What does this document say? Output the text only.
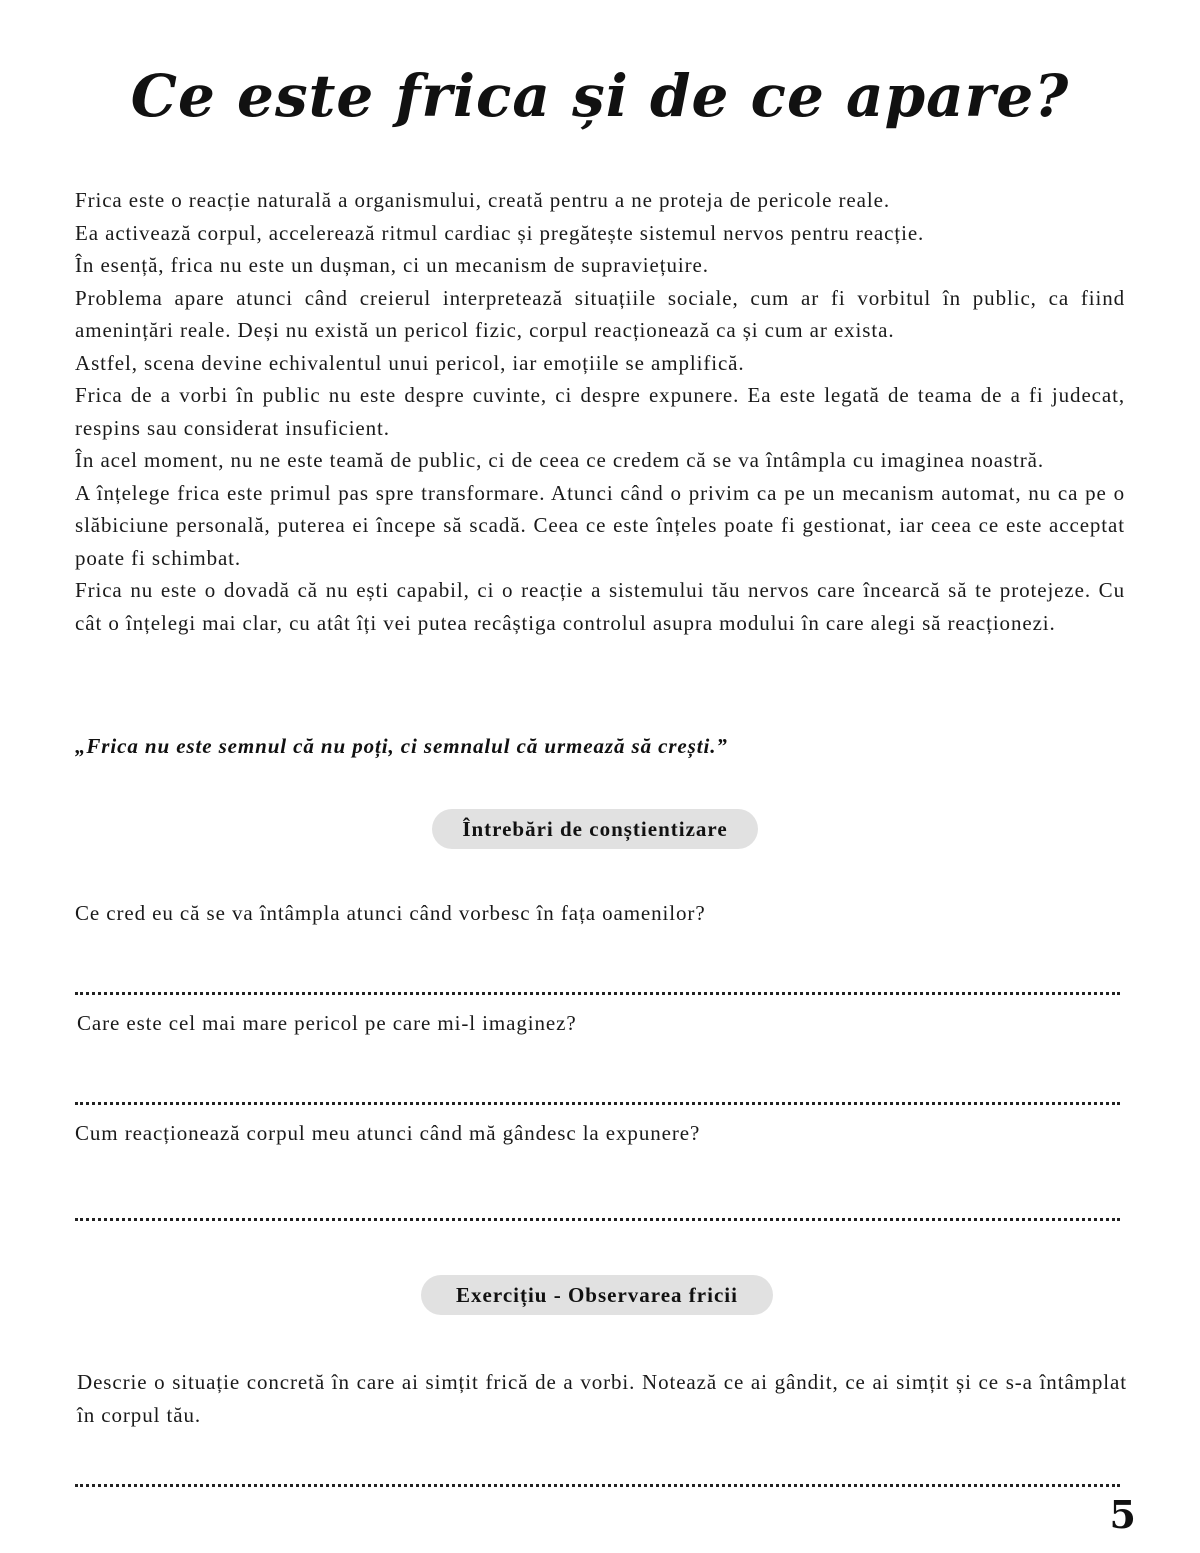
Ce este frica și de ce apare?

Frica este o reacție naturală a organismului, creată pentru a ne proteja de pericole reale.

Ea activează corpul, accelerează ritmul cardiac și pregătește sistemul nervos pentru reacție.

În esență, frica nu este un dușman, ci un mecanism de supraviețuire.

Problema apare atunci când creierul interpretează situațiile sociale, cum ar fi vorbitul în public, ca fiind amenințări reale. Deși nu există un pericol fizic, corpul reacționează ca și cum ar exista.

Astfel, scena devine echivalentul unui pericol, iar emoțiile se amplifică.

Frica de a vorbi în public nu este despre cuvinte, ci despre expunere. Ea este legată de teama de a fi judecat, respins sau considerat insuficient.

În acel moment, nu ne este teamă de public, ci de ceea ce credem că se va întâmpla cu imaginea noastră.

A înțelege frica este primul pas spre transformare. Atunci când o privim ca pe un mecanism automat, nu ca pe o slăbiciune personală, puterea ei începe să scadă. Ceea ce este înțeles poate fi gestionat, iar ceea ce este acceptat poate fi schimbat.

Frica nu este o dovadă că nu ești capabil, ci o reacție a sistemului tău nervos care încearcă să te protejeze. Cu cât o înțelegi mai clar, cu atât îți vei putea recâștiga controlul asupra modului în care alegi să reacționezi.

„Frica nu este semnul că nu poți, ci semnalul că urmează să crești.”
Întrebări de conștientizare
Ce cred eu că se va întâmpla atunci când vorbesc în fața oamenilor?
Care este cel mai mare pericol pe care mi-l imaginez?
Cum reacționează corpul meu atunci când mă gândesc la expunere?
Exercițiu - Observarea fricii
Descrie o situație concretă în care ai simțit frică de a vorbi. Notează ce ai gândit, ce ai simțit și ce s-a întâmplat în corpul tău.
5
